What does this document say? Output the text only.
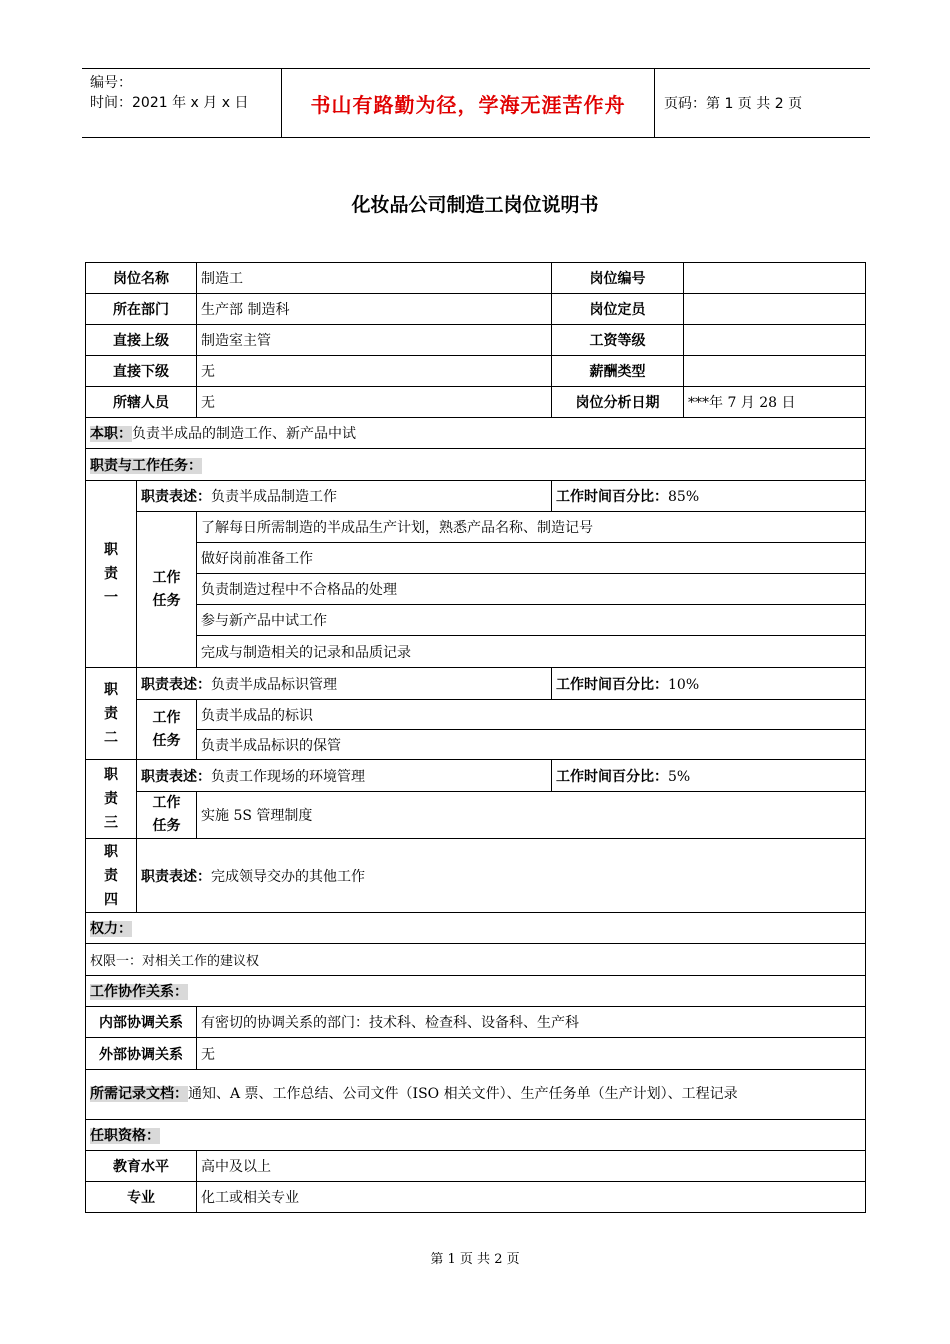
编号：
时间：2021 年 x 月 x 日	书山有路勤为径，学海无涯苦作舟	页码：第 1 页 共 2 页
化妆品公司制造工岗位说明书
岗位名称		制造工	岗位编号	
所在部门		生产部 制造科	岗位定员	
直接上级		制造室主管	工资等级	
直接下级		无	薪酬类型	
所辖人员		无	岗位分析日期	***年 7 月 28 日
本职：负责半成品的制造工作、新产品中试				
职责与工作任务：				

职
责
一	职责表述：负责半成品制造工作		工作时间百分比：85%	

	工作
任务	了解每日所需制造的半成品生产计划，熟悉产品名称、制造记号		
		做好岗前准备工作		
		负责制造过程中不合格品的处理		
		参与新产品中试工作		
		完成与制造相关的记录和品质记录		

职
责
二	职责表述：负责半成品标识管理		工作时间百分比：10%	

	工作
任务	负责半成品的标识		
		负责半成品标识的保管		

职
责
三	职责表述：负责工作现场的环境管理		工作时间百分比：5%	

	工作
任务	实施 5S 管理制度		

职
责
四	职责表述：完成领导交办的其他工作			
权力：				
权限一：对相关工作的建议权				
工作协作关系：				
内部协调关系		有密切的协调关系的部门：技术科、检查科、设备科、生产科		
外部协调关系		无		
所需记录文档：通知、A 票、工作总结、公司文件（ISO 相关文件）、生产任务单（生产计划）、工程记录				
任职资格：				
教育水平		高中及以上		
专业		化工或相关专业		
第 1 页 共 2 页
